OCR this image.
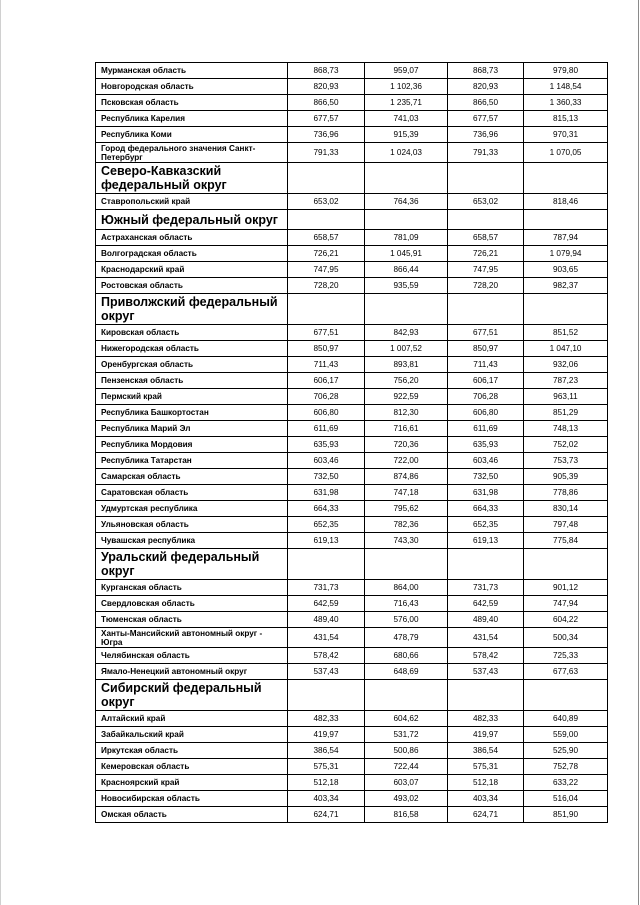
Мурманская область	868,73	959,07	868,73	979,80
Новгородская область	820,93	1 102,36	820,93	1 148,54
Псковская область	866,50	1 235,71	866,50	1 360,33
Республика Карелия	677,57	741,03	677,57	815,13
Республика Коми	736,96	915,39	736,96	970,31
Город федерального значения Санкт-Петербург	791,33	1 024,03	791,33	1 070,05
Северо-Кавказский федеральный округ				
Ставропольский край	653,02	764,36	653,02	818,46
Южный федеральный округ				
Астраханская область	658,57	781,09	658,57	787,94
Волгоградская область	726,21	1 045,91	726,21	1 079,94
Краснодарский край	747,95	866,44	747,95	903,65
Ростовская область	728,20	935,59	728,20	982,37
Приволжский федеральный округ				
Кировская область	677,51	842,93	677,51	851,52
Нижегородская область	850,97	1 007,52	850,97	1 047,10
Оренбургская область	711,43	893,81	711,43	932,06
Пензенская область	606,17	756,20	606,17	787,23
Пермский край	706,28	922,59	706,28	963,11
Республика Башкортостан	606,80	812,30	606,80	851,29
Республика Марий Эл	611,69	716,61	611,69	748,13
Республика Мордовия	635,93	720,36	635,93	752,02
Республика Татарстан	603,46	722,00	603,46	753,73
Самарская область	732,50	874,86	732,50	905,39
Саратовская область	631,98	747,18	631,98	778,86
Удмуртская республика	664,33	795,62	664,33	830,14
Ульяновская область	652,35	782,36	652,35	797,48
Чувашская республика	619,13	743,30	619,13	775,84
Уральский федеральный округ				
Курганская область	731,73	864,00	731,73	901,12
Свердловская область	642,59	716,43	642,59	747,94
Тюменская область	489,40	576,00	489,40	604,22
Ханты-Мансийский автономный округ - Югра	431,54	478,79	431,54	500,34
Челябинская область	578,42	680,66	578,42	725,33
Ямало-Ненецкий автономный округ	537,43	648,69	537,43	677,63
Сибирский федеральный округ				
Алтайский край	482,33	604,62	482,33	640,89
Забайкальский край	419,97	531,72	419,97	559,00
Иркутская область	386,54	500,86	386,54	525,90
Кемеровская область	575,31	722,44	575,31	752,78
Красноярский край	512,18	603,07	512,18	633,22
Новосибирская область	403,34	493,02	403,34	516,04
Омская область	624,71	816,58	624,71	851,90
